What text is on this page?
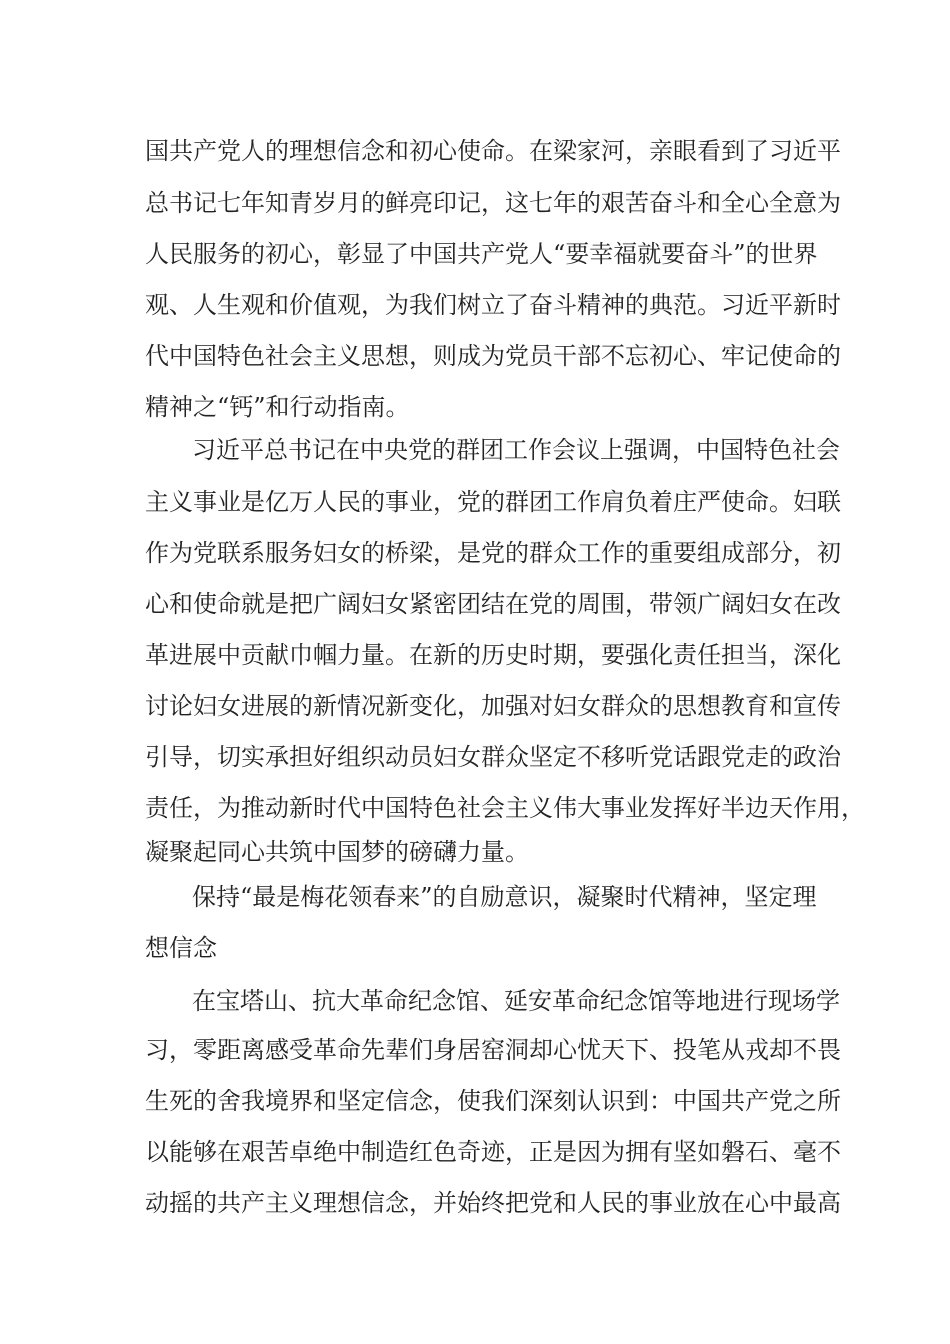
国共产党人的理想信念和初心使命。在梁家河，亲眼看到了习近平
总书记七年知青岁月的鲜亮印记，这七年的艰苦奋斗和全心全意为
人民服务的初心，彰显了中国共产党人“要幸福就要奋斗”的世界
观、人生观和价值观，为我们树立了奋斗精神的典范。习近平新时
代中国特色社会主义思想，则成为党员干部不忘初心、牢记使命的
精神之“钙”和行动指南。
习近平总书记在中央党的群团工作会议上强调，中国特色社会
主义事业是亿万人民的事业，党的群团工作肩负着庄严使命。妇联
作为党联系服务妇女的桥梁，是党的群众工作的重要组成部分，初
心和使命就是把广阔妇女紧密团结在党的周围，带领广阔妇女在改
革进展中贡献巾帼力量。在新的历史时期，要强化责任担当，深化
讨论妇女进展的新情况新变化，加强对妇女群众的思想教育和宣传
引导，切实承担好组织动员妇女群众坚定不移听党话跟党走的政治
责任，为推动新时代中国特色社会主义伟大事业发挥好半边天作用，
凝聚起同心共筑中国梦的磅礴力量。
保持“最是梅花领春来”的自励意识，凝聚时代精神，坚定理
想信念
在宝塔山、抗大革命纪念馆、延安革命纪念馆等地进行现场学
习，零距离感受革命先辈们身居窑洞却心忧天下、投笔从戎却不畏
生死的舍我境界和坚定信念，使我们深刻认识到：中国共产党之所
以能够在艰苦卓绝中制造红色奇迹，正是因为拥有坚如磐石、毫不
动摇的共产主义理想信念，并始终把党和人民的事业放在心中最高
